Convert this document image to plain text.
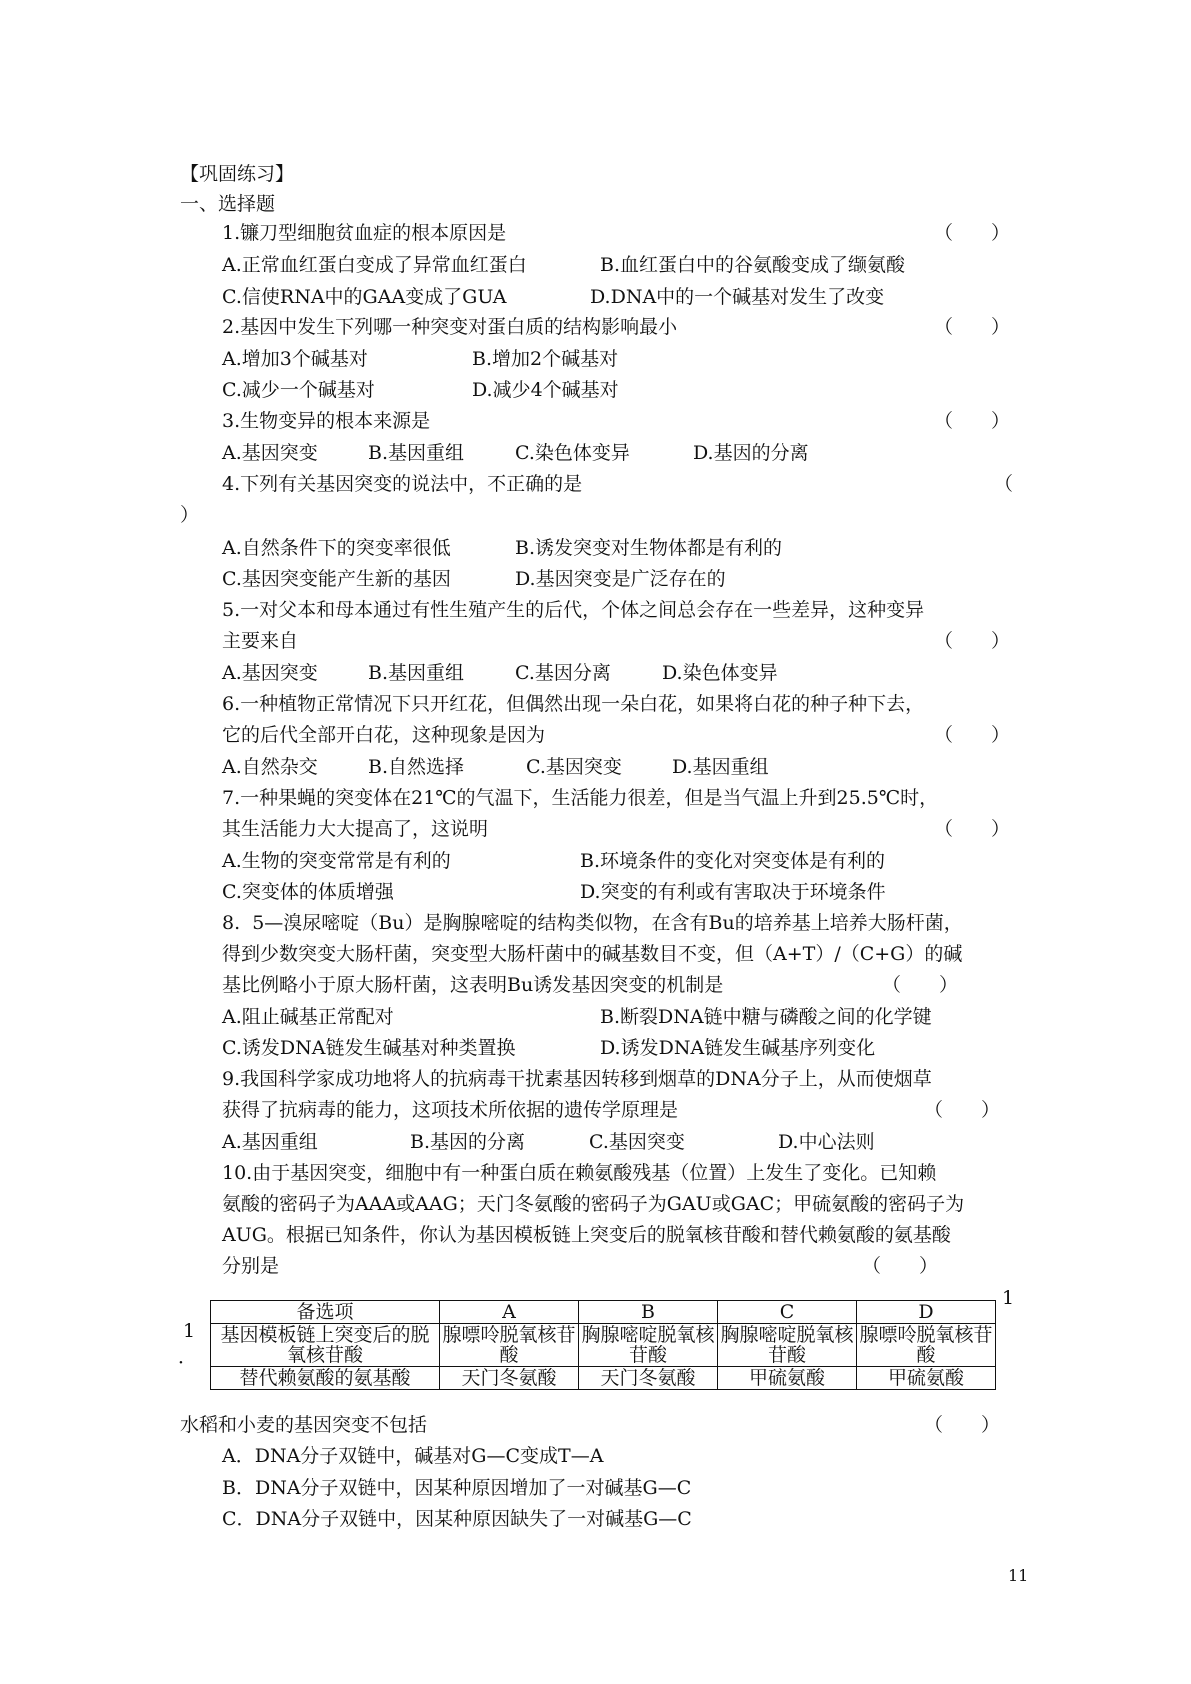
【巩固练习】
一、选择题
1.镰刀型细胞贫血症的根本原因是	（　　）
A.正常血红蛋白变成了异常血红蛋白	B.血红蛋白中的谷氨酸变成了缬氨酸
C.信使RNA中的GAA变成了GUA	D.DNA中的一个碱基对发生了改变
2.基因中发生下列哪一种突变对蛋白质的结构影响最小	（　　）
A.增加3个碱基对	B.增加2个碱基对
C.减少一个碱基对	D.减少4个碱基对
3.生物变异的根本来源是	（　　）
A.基因突变	B.基因重组	C.染色体变异	D.基因的分离
4.下列有关基因突变的说法中，不正确的是	（
）
A.自然条件下的突变率很低	B.诱发突变对生物体都是有利的
C.基因突变能产生新的基因	D.基因突变是广泛存在的
5.一对父本和母本通过有性生殖产生的后代，个体之间总会存在一些差异，这种变异
主要来自	（　　）
A.基因突变	B.基因重组	C.基因分离	D.染色体变异
6.一种植物正常情况下只开红花，但偶然出现一朵白花，如果将白花的种子种下去，
它的后代全部开白花，这种现象是因为	（　　）
A.自然杂交	B.自然选择	C.基因突变	D.基因重组
7.一种果蝇的突变体在21℃的气温下，生活能力很差，但是当气温上升到25.5℃时，
其生活能力大大提高了，这说明	（　　）
A.生物的突变常常是有利的	B.环境条件的变化对突变体是有利的
C.突变体的体质增强	D.突变的有利或有害取决于环境条件
8.  5—溴尿嘧啶（Bu）是胸腺嘧啶的结构类似物，在含有Bu的培养基上培养大肠杆菌，
得到少数突变大肠杆菌，突变型大肠杆菌中的碱基数目不变，但（A+T）/（C+G）的碱
基比例略小于原大肠杆菌，这表明Bu诱发基因突变的机制是	（　　）
A.阻止碱基正常配对	B.断裂DNA链中糖与磷酸之间的化学键
C.诱发DNA链发生碱基对种类置换	D.诱发DNA链发生碱基序列变化
9.我国科学家成功地将人的抗病毒干扰素基因转移到烟草的DNA分子上，从而使烟草
获得了抗病毒的能力，这项技术所依据的遗传学原理是	（　　）
A.基因重组	B.基因的分离	C.基因突变	D.中心法则
10.由于基因突变，细胞中有一种蛋白质在赖氨酸残基（位置）上发生了变化。已知赖
氨酸的密码子为AAA或AAG；天门冬氨酸的密码子为GAU或GAC；甲硫氨酸的密码子为
AUG。根据已知条件，你认为基因模板链上突变后的脱氧核苷酸和替代赖氨酸的氨基酸
分别是	（　　）
1
1
．
备选项	A	B	C	D
基因模板链上突变后的脱氧核苷酸	腺嘌呤脱氧核苷酸	胸腺嘧啶脱氧核苷酸	胸腺嘧啶脱氧核苷酸	腺嘌呤脱氧核苷酸
替代赖氨酸的氨基酸	天门冬氨酸	天门冬氨酸	甲硫氨酸	甲硫氨酸
水稻和小麦的基因突变不包括	（　　）
A．DNA分子双链中，碱基对G—C变成T—A
B．DNA分子双链中，因某种原因增加了一对碱基G—C
C．DNA分子双链中，因某种原因缺失了一对碱基G—C
11
